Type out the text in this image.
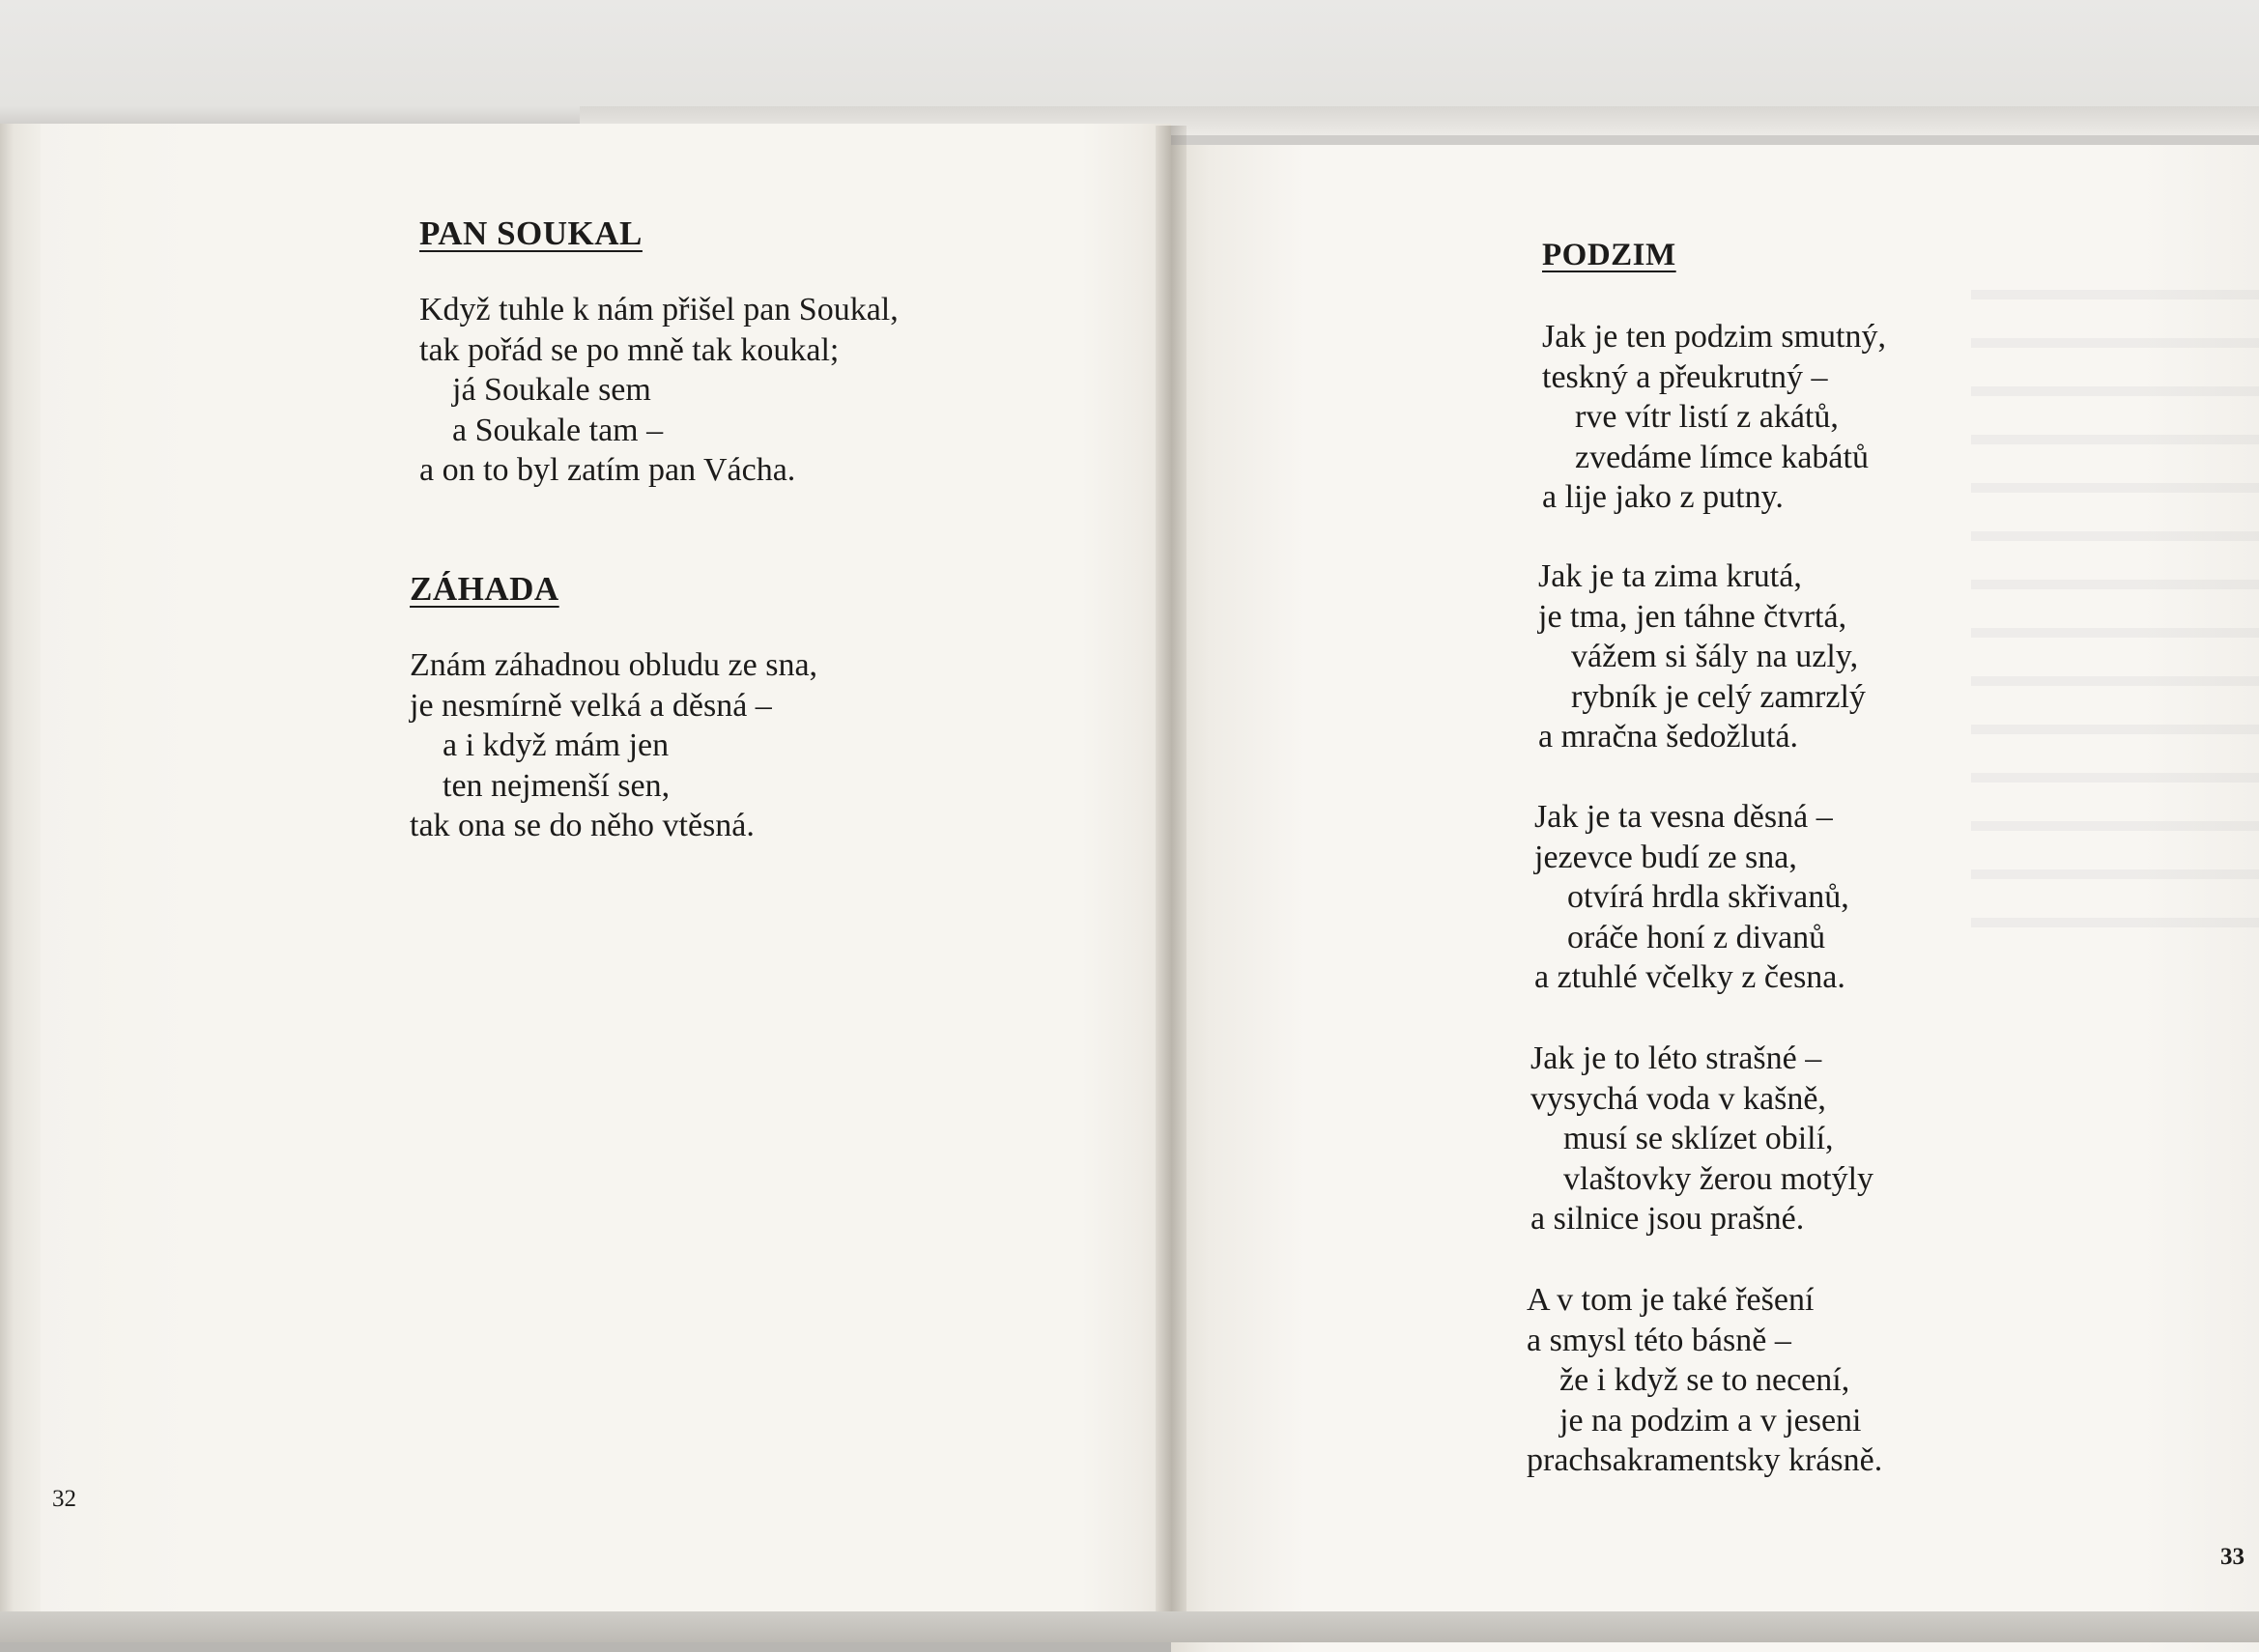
PAN SOUKAL
Když tuhle k nám přišel pan Soukal,
tak pořád se po mně tak koukal;
já Soukale sem
a Soukale tam –
a on to byl zatím pan Vácha.
ZÁHADA
Znám záhadnou obludu ze sna,
je nesmírně velká a děsná –
a i když mám jen
ten nejmenší sen,
tak ona se do něho vtěsná.
32
PODZIM
Jak je ten podzim smutný,
teskný a přeukrutný –
rve vítr listí z akátů,
zvedáme límce kabátů
a lije jako z putny.
Jak je ta zima krutá,
je tma, jen táhne čtvrtá,
vážem si šály na uzly,
rybník je celý zamrzlý
a mračna šedožlutá.
Jak je ta vesna děsná –
jezevce budí ze sna,
otvírá hrdla skřivanů,
oráče honí z divanů
a ztuhlé včelky z česna.
Jak je to léto strašné –
vysychá voda v kašně,
musí se sklízet obilí,
vlaštovky žerou motýly
a silnice jsou prašné.
A v tom je také řešení
a smysl této básně –
že i když se to necení,
je na podzim a v jeseni
prachsakramentsky krásně.
33
